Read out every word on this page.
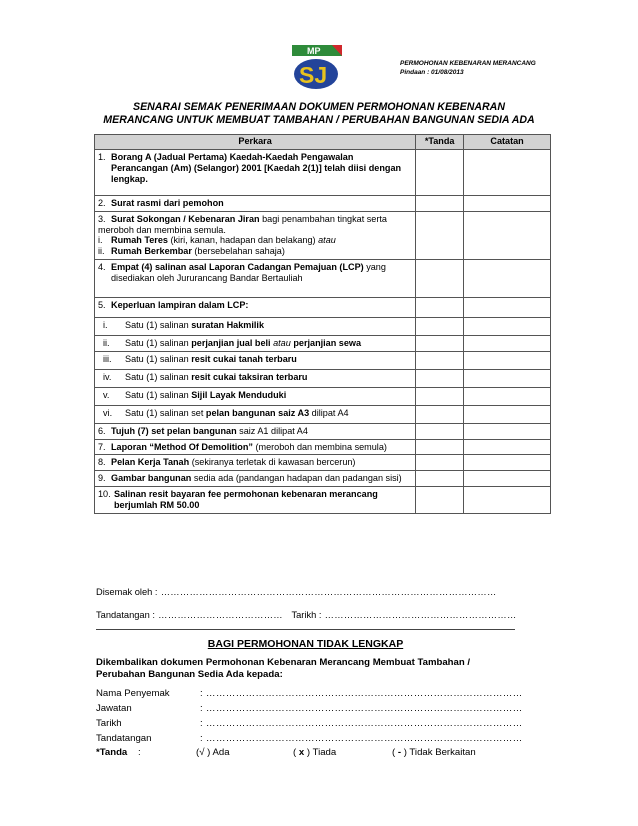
MP
SJ	PERMOHONAN KEBENARAN MERANCANG
Pindaan : 01/08/2013
SENARAI SEMAK PENERIMAAN DOKUMEN PERMOHONAN KEBENARAN
MERANCANG UNTUK MEMBUAT TAMBAHAN / PERUBAHAN BANGUNAN SEDIA ADA
Perkara	*Tanda	Catatan

1. Borang A (Jadual Pertama) Kaedah-Kaedah Pengawalan Perancangan (Am) (Selangor) 2001 [Kaedah 2(1)] telah diisi dengan lengkap.		

2. Surat rasmi dari pemohon		

3. Surat Sokongan / Kebenaran Jiran bagi penambahan tingkat serta meroboh dan membina semula.
i. Rumah Teres (kiri, kanan, hadapan dan belakang) atau
ii. Rumah Berkembar (bersebelahan sahaja)		

4. Empat (4) salinan asal Laporan Cadangan Pemajuan (LCP) yang disediakan oleh Jururancang Bandar Bertauliah		

5. Keperluan lampiran dalam LCP:		
i. Satu (1) salinan suratan Hakmilik		

ii. Satu (1) salinan perjanjian jual beli atau perjanjian sewa		

iii. Satu (1) salinan resit cukai tanah terbaru		
iv. Satu (1) salinan resit cukai taksiran terbaru		
v. Satu (1) salinan Sijil Layak Menduduki		
vi. Satu (1) salinan set pelan bangunan saiz A3 dilipat A4		
6. Tujuh (7) set pelan bangunan saiz A1 dilipat A4		

7. Laporan “Method Of Demolition” (meroboh dan membina semula)		

8. Pelan Kerja Tanah (sekiranya terletak di kawasan bercerun)		

9. Gambar bangunan sedia ada (pandangan hadapan dan padangan sisi)		

10. Salinan resit bayaran fee permohonan kebenaran merancang berjumlah RM 50.00		

Disemak oleh : ……………………………………………………………………………………………
Tandatangan : ………………………………… Tarikh : ……………………………………………………
BAGI PERMOHONAN TIDAK LENGKAP
Dikembalikan dokumen Permohonan Kebenaran Merancang Membuat Tambahan /
Perubahan Bangunan Sedia Ada kepada:
Nama Penyemak	: ……………………………………………………………………………………
Jawatan	: ……………………………………………………………………………………
Tarikh	: ……………………………………………………………………………………
Tandatangan	: ……………………………………………………………………………………
*Tanda :	(√ ) Ada	( x ) Tiada	( - ) Tidak Berkaitan
